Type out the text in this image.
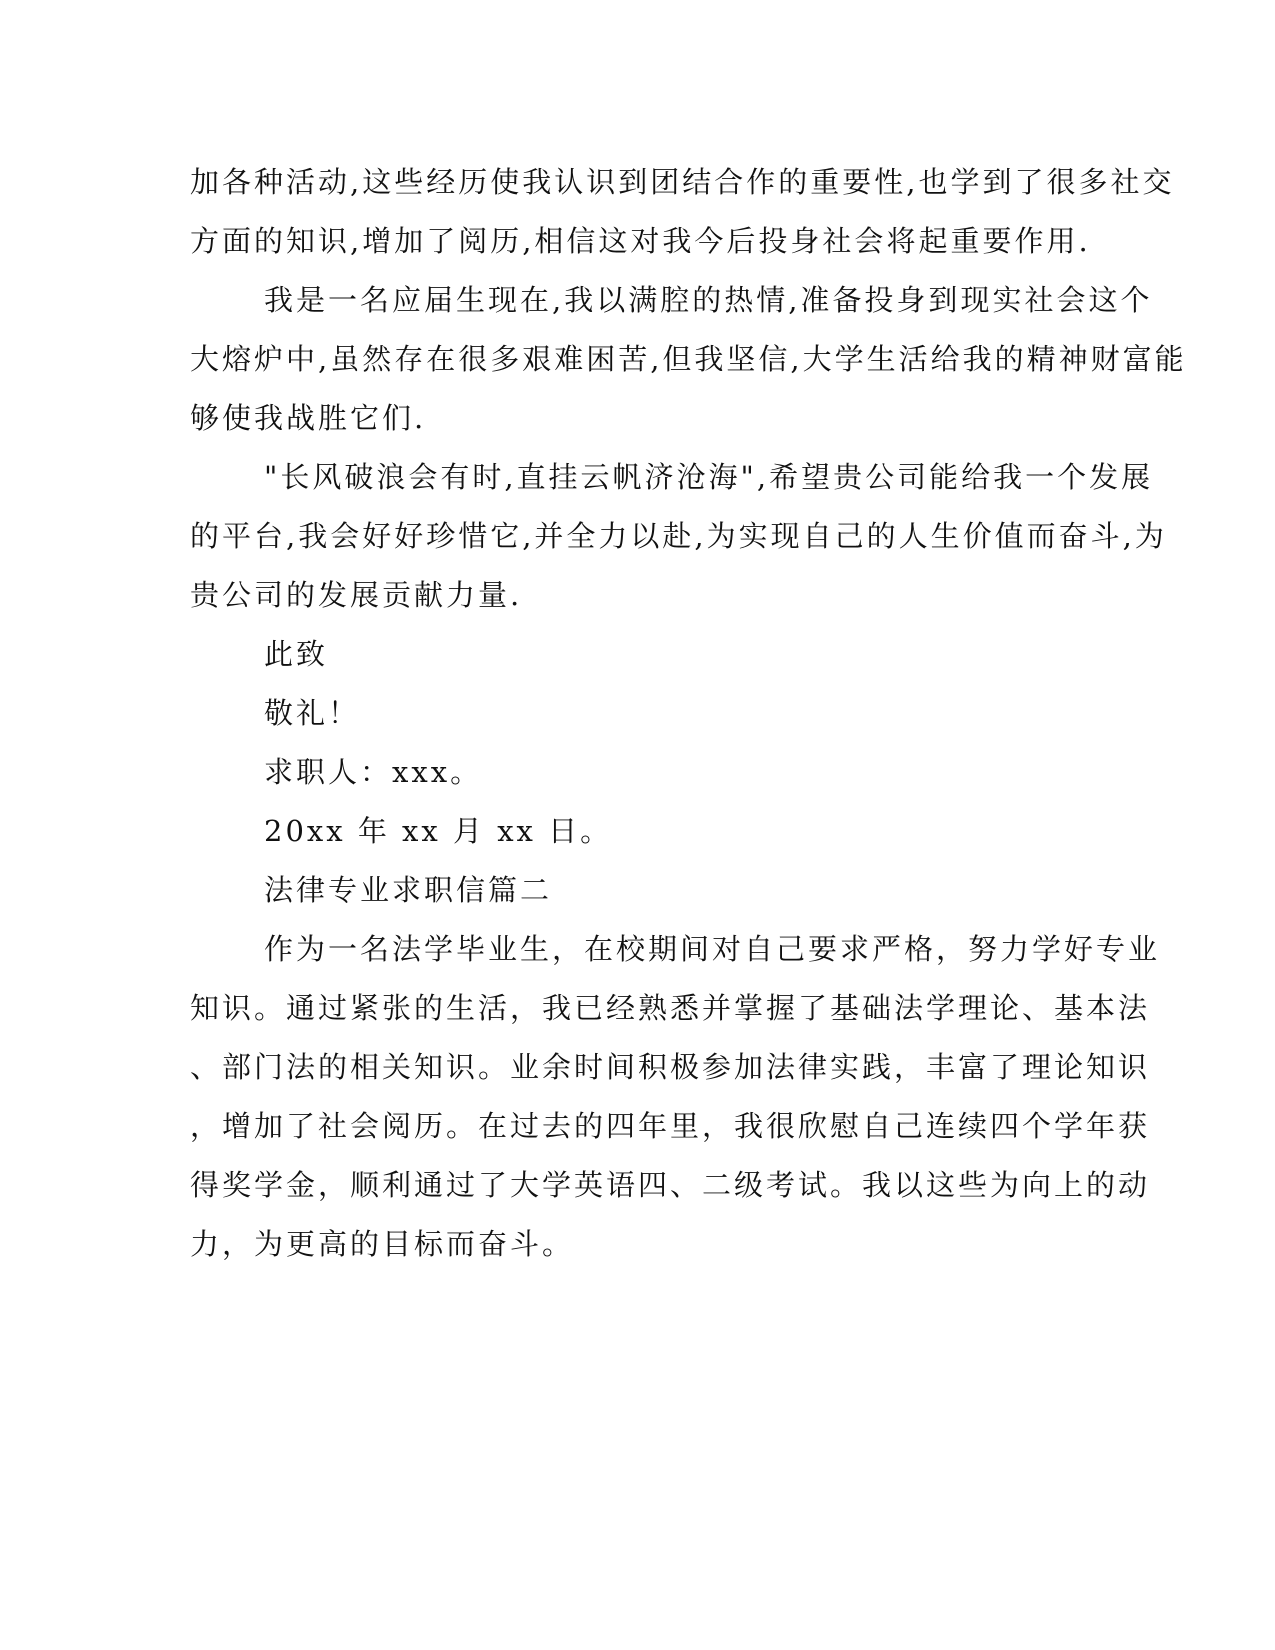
加各种活动,这些经历使我认识到团结合作的重要性,也学到了很多社交
方面的知识,增加了阅历,相信这对我今后投身社会将起重要作用.
我是一名应届生现在,我以满腔的热情,准备投身到现实社会这个
大熔炉中,虽然存在很多艰难困苦,但我坚信,大学生活给我的精神财富能
够使我战胜它们.
"长风破浪会有时,直挂云帆济沧海",希望贵公司能给我一个发展
的平台,我会好好珍惜它,并全力以赴,为实现自己的人生价值而奋斗,为
贵公司的发展贡献力量.
此致
敬礼！
求职人：xxx。
20xx 年 xx 月 xx 日。
法律专业求职信篇二
作为一名法学毕业生，在校期间对自己要求严格，努力学好专业
知识。通过紧张的生活，我已经熟悉并掌握了基础法学理论、基本法
、部门法的相关知识。业余时间积极参加法律实践，丰富了理论知识
，增加了社会阅历。在过去的四年里，我很欣慰自己连续四个学年获
得奖学金，顺利通过了大学英语四、二级考试。我以这些为向上的动
力，为更高的目标而奋斗。
